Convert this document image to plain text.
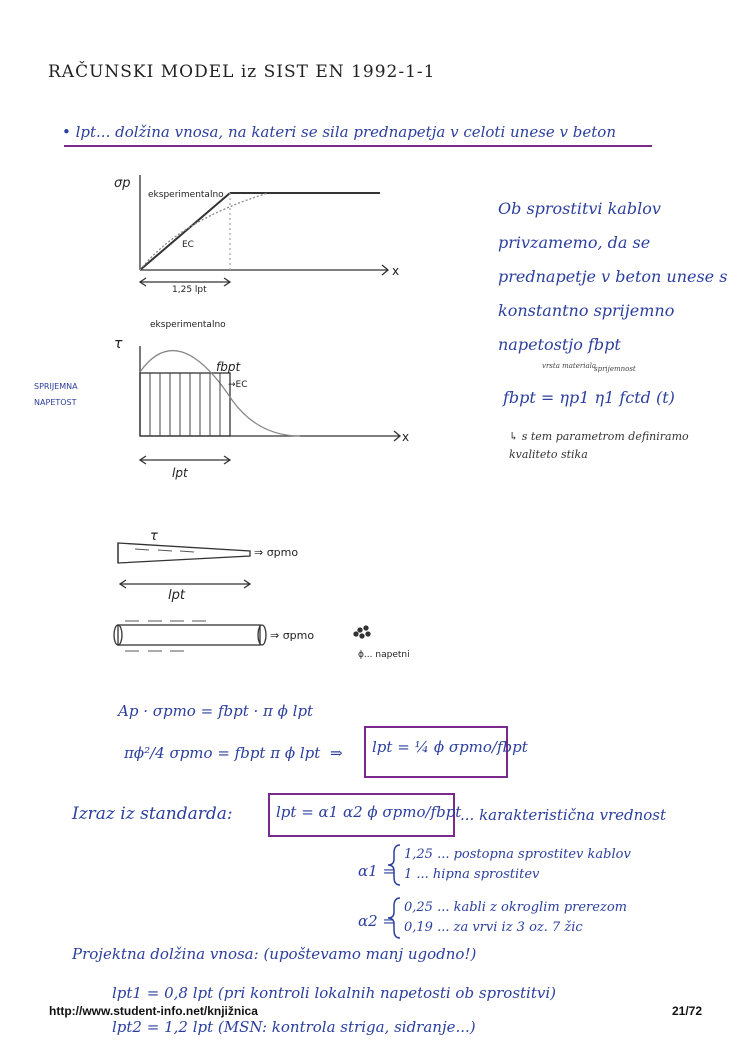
RAČUNSKI MODEL iz SIST EN 1992-1-1
• lpt... dolžina vnosa, na kateri se sila prednapetja v celoti unese v beton
σp
x
eksperimentalno
EC
1,25 lpt
τ
x
eksperimentalno
fbpt
→EC
lpt
SPRIJEMNA NAPETOST
Ob sprostitvi kablov privzamemo, da se prednapetje v beton unese s konstantno sprijemno napetostjo fbpt
vrsta materiala
sprijemnost
fbpt = ηp1 η1 fctd (t)
↳ s tem parametrom definiramo kvaliteto stika
τ
⇒ σpmo
lpt
⇒ σpmo
ϕ... napetni
Ap · σpmo = fbpt · π ϕ lpt
πϕ²/4 σpmo = fbpt π ϕ lpt ⇒ lpt = ¼ ϕ σpmo/fbpt
Izraz iz standarda:	lpt = α1 α2 ϕ σpmo/fbpt
... karakteristična vrednost
α1 =
1,25 ... postopna sprostitev kablov
1 ... hipna sprostitev
α2 =
0,25 ... kabli z okroglim prerezom
0,19 ... za vrvi iz 3 oz. 7 žic
Projektna dolžina vnosa: (upoštevamo manj ugodno!)
lpt1 = 0,8 lpt (pri kontroli lokalnih napetosti ob sprostitvi)
lpt2 = 1,2 lpt (MSN: kontrola striga, sidranje...)
http://www.student-info.net/knjižnica	21/72
